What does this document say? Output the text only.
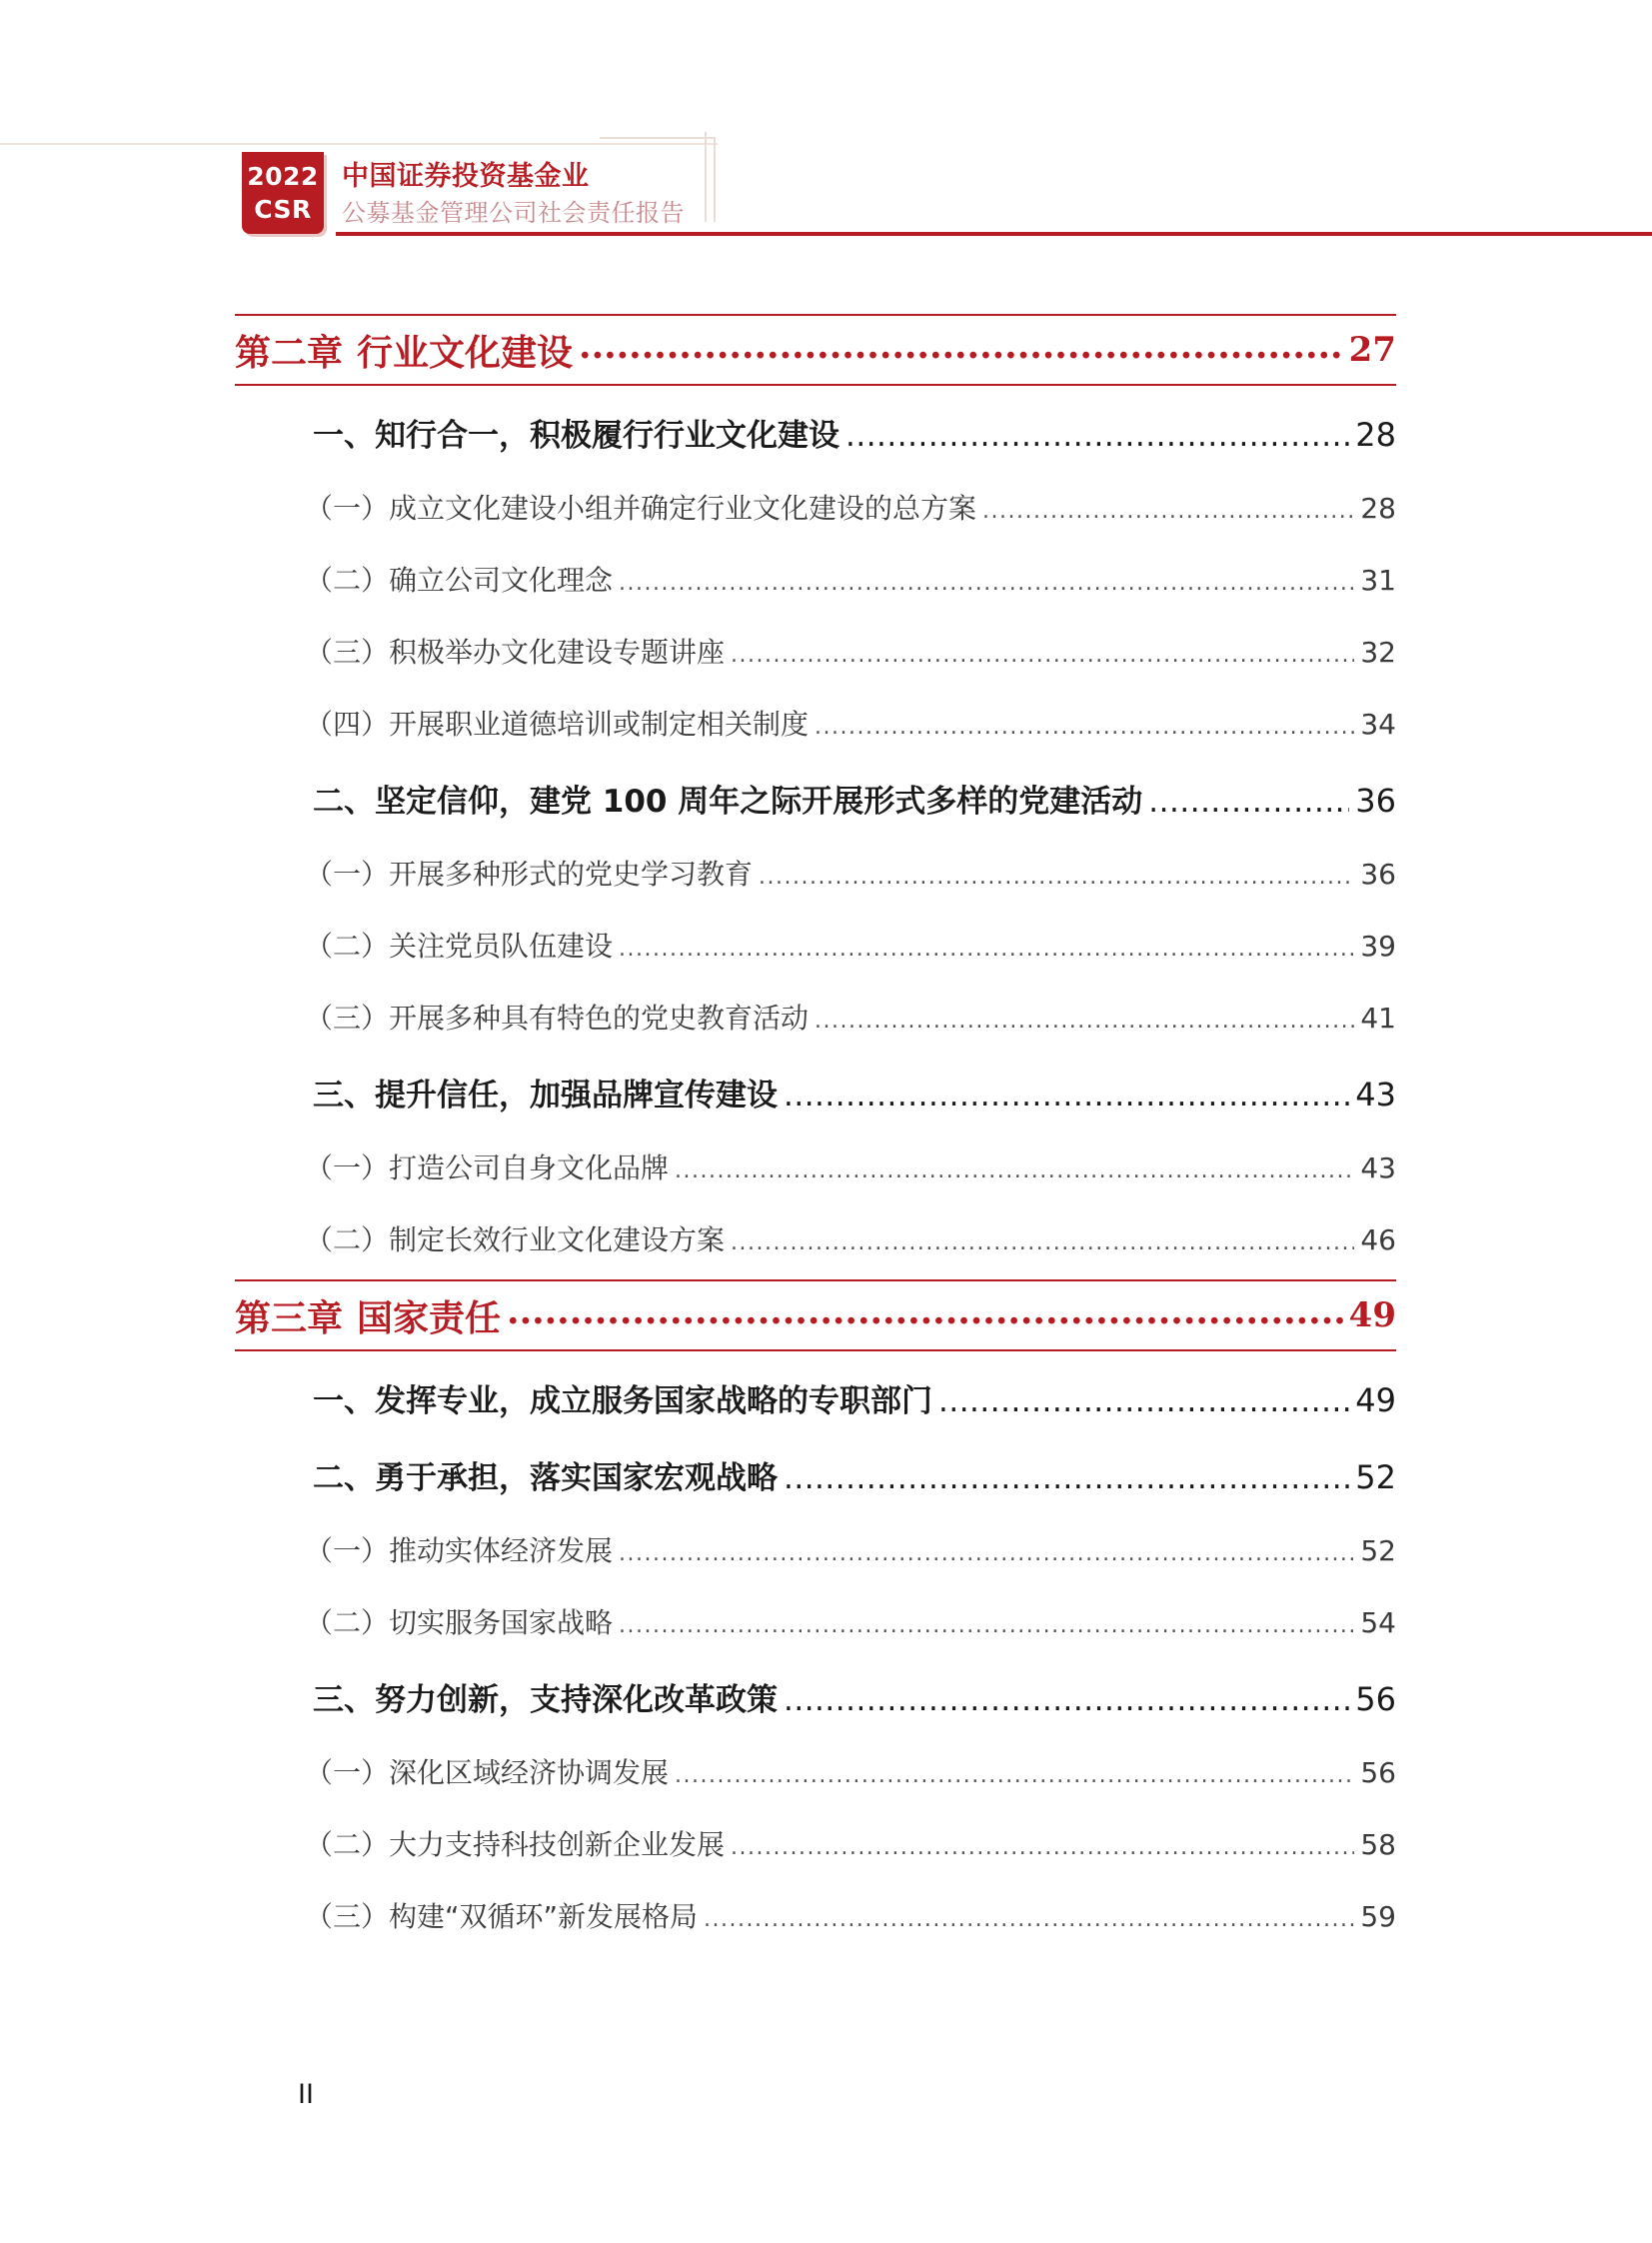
2022
CSR
中国证券投资基金业
公募基金管理公司社会责任报告
第二章 行业文化建设 .....	27
一、知行合一，积极履行行业文化建设 .....	28
（一）成立文化建设小组并确定行业文化建设的总方案 .....	28
（二）确立公司文化理念 .....	31
（三）积极举办文化建设专题讲座 .....	32
（四）开展职业道德培训或制定相关制度 .....	34
二、坚定信仰，建党 100 周年之际开展形式多样的党建活动 .....	36
（一）开展多种形式的党史学习教育 .....	36
（二）关注党员队伍建设 .....	39
（三）开展多种具有特色的党史教育活动 .....	41
三、提升信任，加强品牌宣传建设 .....	43
（一）打造公司自身文化品牌 .....	43
（二）制定长效行业文化建设方案 .....	46
第三章 国家责任 .....	49
一、发挥专业，成立服务国家战略的专职部门 .....	49
二、勇于承担，落实国家宏观战略 .....	52
（一）推动实体经济发展 .....	52
（二）切实服务国家战略 .....	54
三、努力创新，支持深化改革政策 .....	56
（一）深化区域经济协调发展 .....	56
（二）大力支持科技创新企业发展 .....	58
（三）构建“双循环”新发展格局 .....	59
II
